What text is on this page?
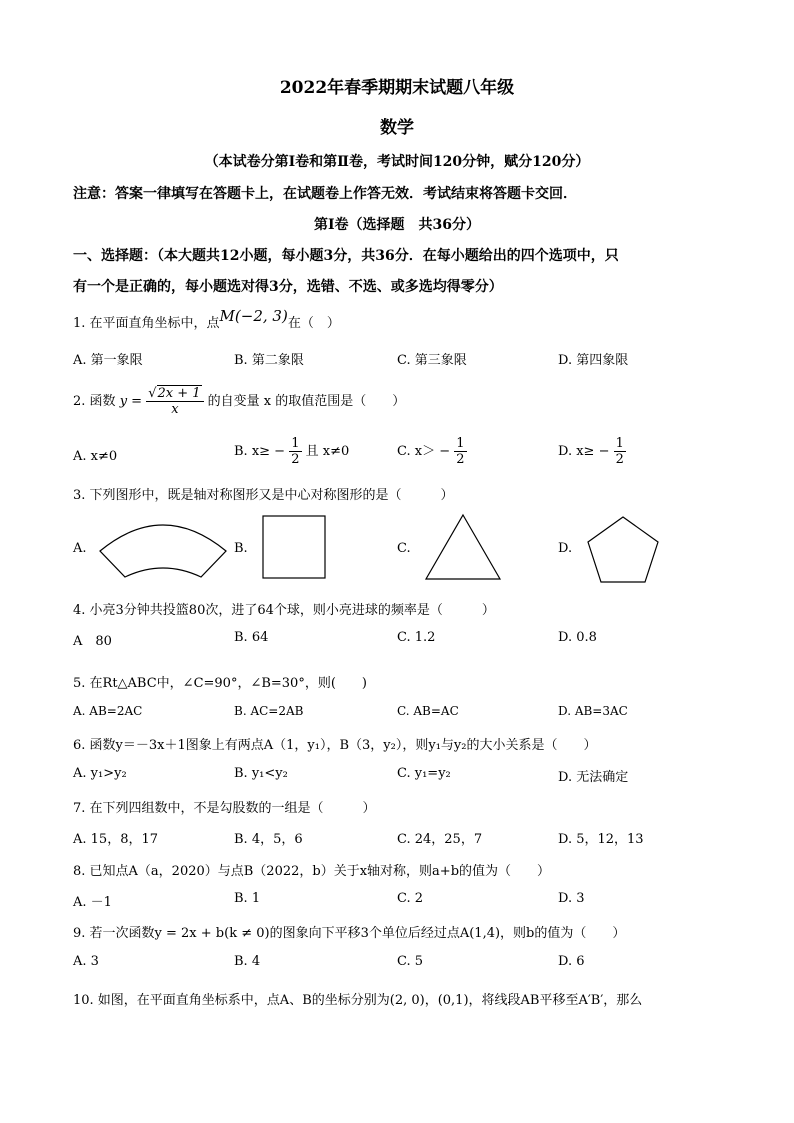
2022年春季期期末试题八年级
数学
（本试卷分第Ⅰ卷和第Ⅱ卷，考试时间120分钟，赋分120分）
注意：答案一律填写在答题卡上，在试题卷上作答无效．考试结束将答题卡交回．
第Ⅰ卷（选择题　共36分）
一、选择题：（本大题共12小题，每小题3分，共36分．在每小题给出的四个选项中，只
有一个是正确的，每小题选对得3分，选错、不选、或多选均得零分）
1. 在平面直角坐标中，点M(−2, 3)在（　）
A. 第一象限	B. 第二象限	C. 第三象限	D. 第四象限
2. 函数 $y = \frac{√2x + 1}{x}$ 的自变量 x 的取值范围是（　　）
A. x≠0	B. $x\ge - \frac{1}{2}$ 且 x≠0	C. $x> - \frac{1}{2}$	D. $x\ge - \frac{1}{2}$
3. 下列图形中，既是轴对称图形又是中心对称图形的是（　　　）
A.	B.	C.	D.
4. 小亮3分钟共投篮80次，进了64个球，则小亮进球的频率是（　　　）
A　80	B. 64	C. 1.2	D. 0.8
5. 在Rt△ABC中，∠C=90°，∠B=30°，则(　　)
A. AB=2AC	B. AC=2AB	C. AB=AC	D. AB=3AC
6. 函数y＝－3x＋1图象上有两点A（1，y₁），B（3，y₂），则y₁与y₂的大小关系是（　　）
A. y₁>y₂	B. y₁<y₂	C. y₁=y₂	D. 无法确定
7. 在下列四组数中，不是勾股数的一组是（　　　）
A. 15，8，17	B. 4，5，6	C. 24，25，7	D. 5，12，13
8. 已知点A（a，2020）与点B（2022，b）关于x轴对称，则a+b的值为（　　）
A. －1	B. 1	C. 2	D. 3
9. 若一次函数y = 2x + b(k ≠ 0)的图象向下平移3个单位后经过点A(1,4)，则b的值为（　　）
A. 3	B. 4	C. 5	D. 6
10. 如图，在平面直角坐标系中，点A、B的坐标分别为(2, 0)，(0,1)，将线段AB平移至A′B′，那么
